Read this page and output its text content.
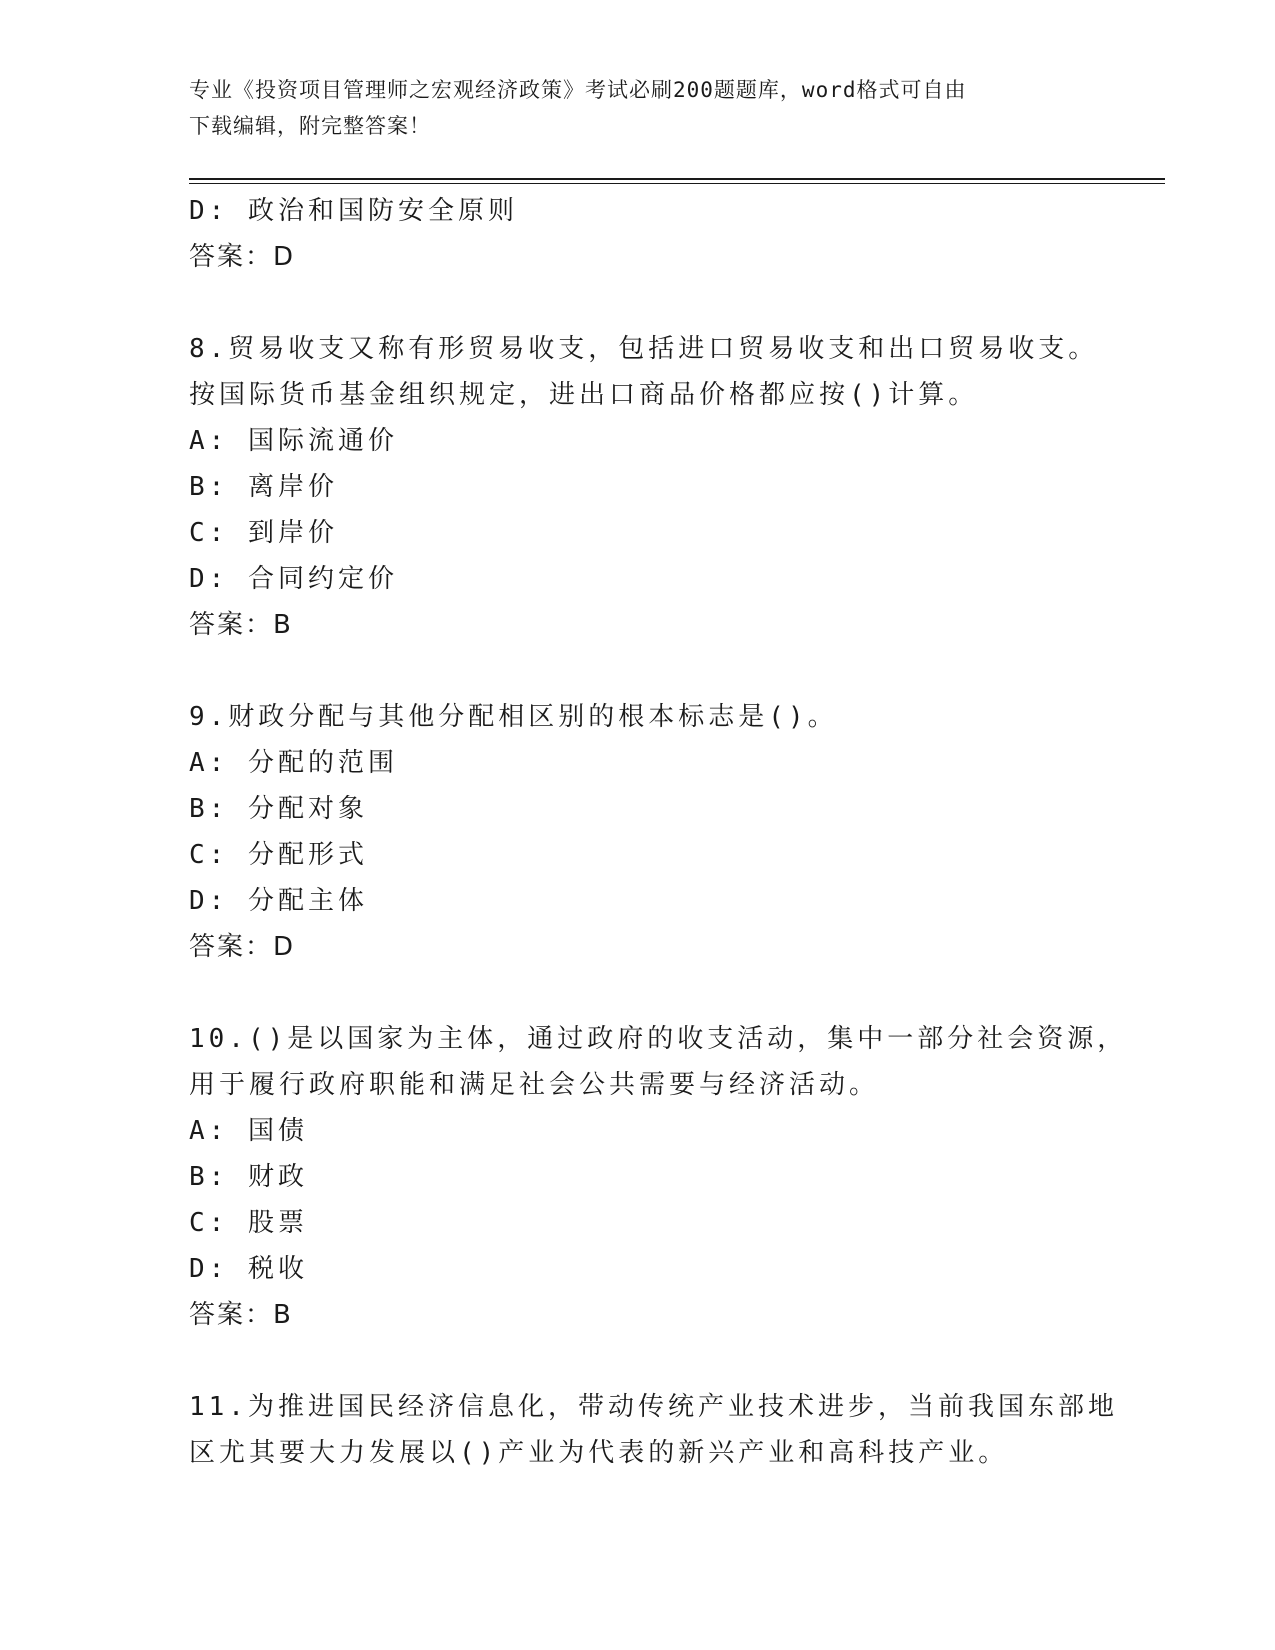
专业《投资项目管理师之宏观经济政策》考试必刷200题题库，word格式可自由
下载编辑，附完整答案！
D: 政治和国防安全原则
答案：D
8.贸易收支又称有形贸易收支，包括进口贸易收支和出口贸易收支。
按国际货币基金组织规定，进出口商品价格都应按()计算。
A: 国际流通价
B: 离岸价
C: 到岸价
D: 合同约定价
答案：B
9.财政分配与其他分配相区别的根本标志是()。
A: 分配的范围
B: 分配对象
C: 分配形式
D: 分配主体
答案：D
10.()是以国家为主体，通过政府的收支活动，集中一部分社会资源，
用于履行政府职能和满足社会公共需要与经济活动。
A: 国债
B: 财政
C: 股票
D: 税收
答案：B
11.为推进国民经济信息化，带动传统产业技术进步，当前我国东部地
区尤其要大力发展以()产业为代表的新兴产业和高科技产业。
